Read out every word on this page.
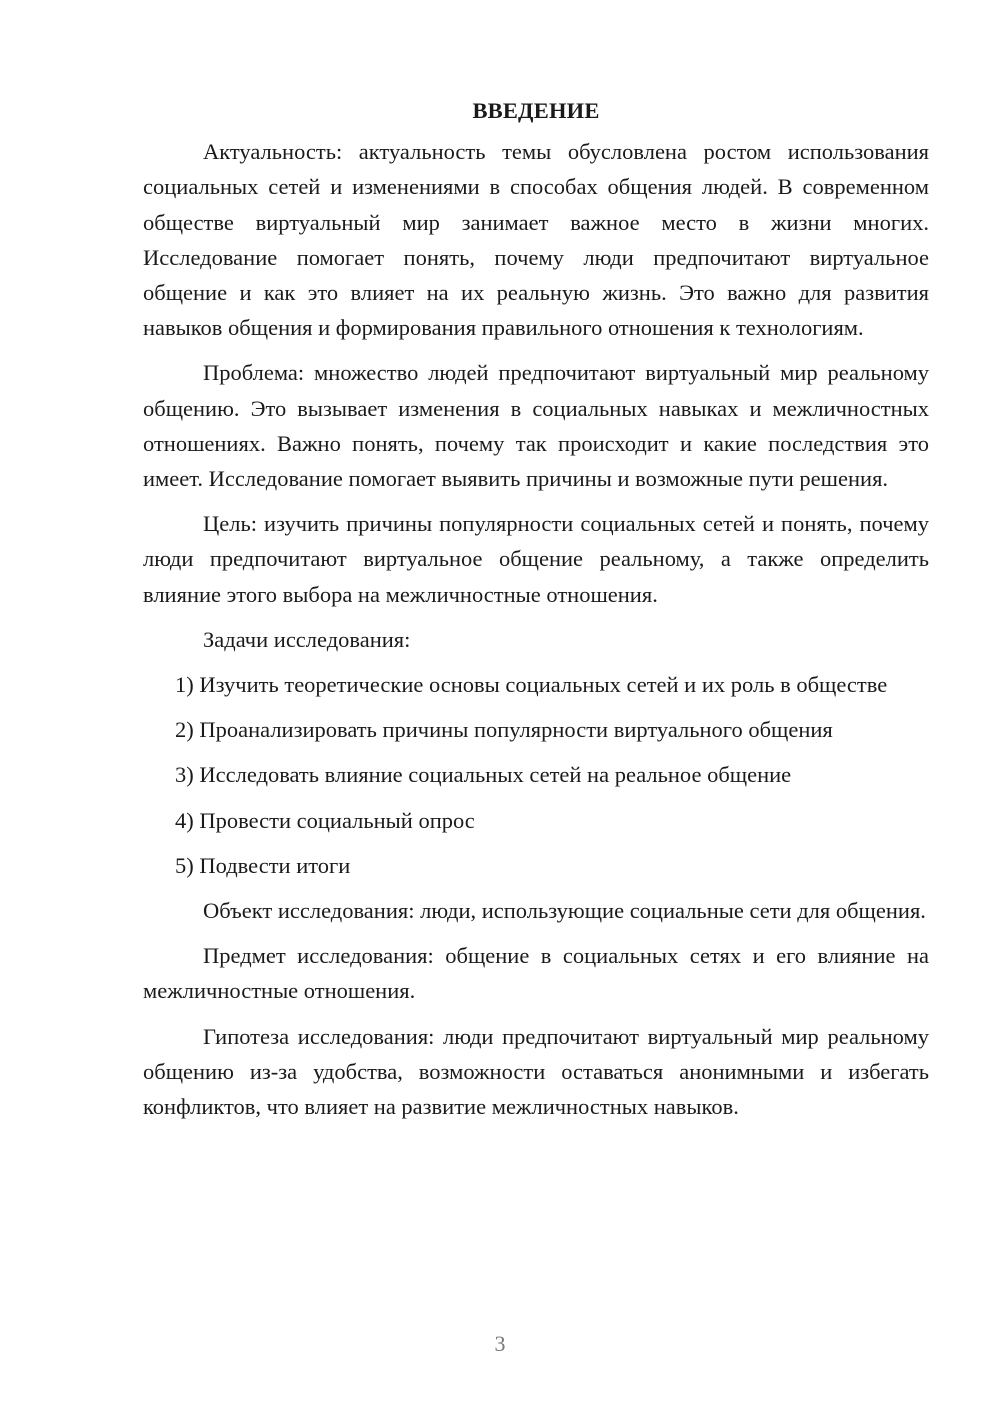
ВВЕДЕНИЕ

Актуальность: актуальность темы обусловлена ростом использования социальных сетей и изменениями в способах общения людей. В современном обществе виртуальный мир занимает важное место в жизни многих. Исследование помогает понять, почему люди предпочитают виртуальное общение и как это влияет на их реальную жизнь. Это важно для развития навыков общения и формирования правильного отношения к технологиям.

Проблема: множество людей предпочитают виртуальный мир реальному общению. Это вызывает изменения в социальных навыках и межличностных отношениях. Важно понять, почему так происходит и какие последствия это имеет. Исследование помогает выявить причины и возможные пути решения.

Цель: изучить причины популярности социальных сетей и понять, почему люди предпочитают виртуальное общение реальному, а также определить влияние этого выбора на межличностные отношения.

Задачи исследования:

1) Изучить теоретические основы социальных сетей и их роль в обществе

2) Проанализировать причины популярности виртуального общения

3) Исследовать влияние социальных сетей на реальное общение

4) Провести социальный опрос

5) Подвести итоги

Объект исследования: люди, использующие социальные сети для общения.

Предмет исследования: общение в социальных сетях и его влияние на межличностные отношения.

Гипотеза исследования: люди предпочитают виртуальный мир реальному общению из-за удобства, возможности оставаться анонимными и избегать конфликтов, что влияет на развитие межличностных навыков.

3
